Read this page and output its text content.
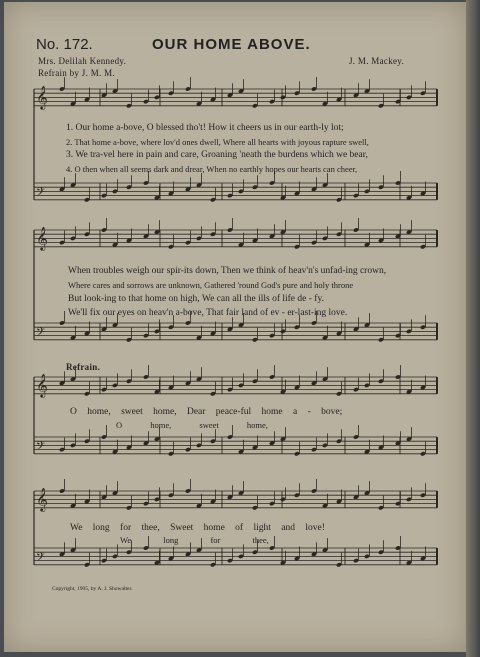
𝄞
𝄢
𝄞
𝄢
𝄞
𝄢
𝄞
𝄢
No. 172.	OUR HOME ABOVE.
Mrs. Delilah Kennedy.	J. M. Mackey.
Refrain by J. M. M.
1. Our home a-bove, O blessed tho't! How it cheers us in our earth-ly lot;
2. That home a-bove, where lov'd ones dwell, Where all hearts with joyous rapture swell,
3. We tra-vel here in pain and care, Groaning 'neath the burdens which we bear,
4. O then when all seems dark and drear, When no earthly hopes our hearts can cheer,
When troubles weigh our spir-its down, Then we think of heav'n's unfad-ing crown,
Where cares and sorrows are unknown, Gathered 'round God's pure and holy throne
But look-ing to that home on high, We can all the ills of life de - fy.
We'll fix our eyes on heav'n a-bove, That fair land of ev - er-last-ing love.
Refrain.
O home, sweet home, Dear peace-ful home a - bove;
O home, sweet home,
We long for thee, Sweet home of light and love!
We long for thee,
Copyright, 1905, by A. J. Showalter.
